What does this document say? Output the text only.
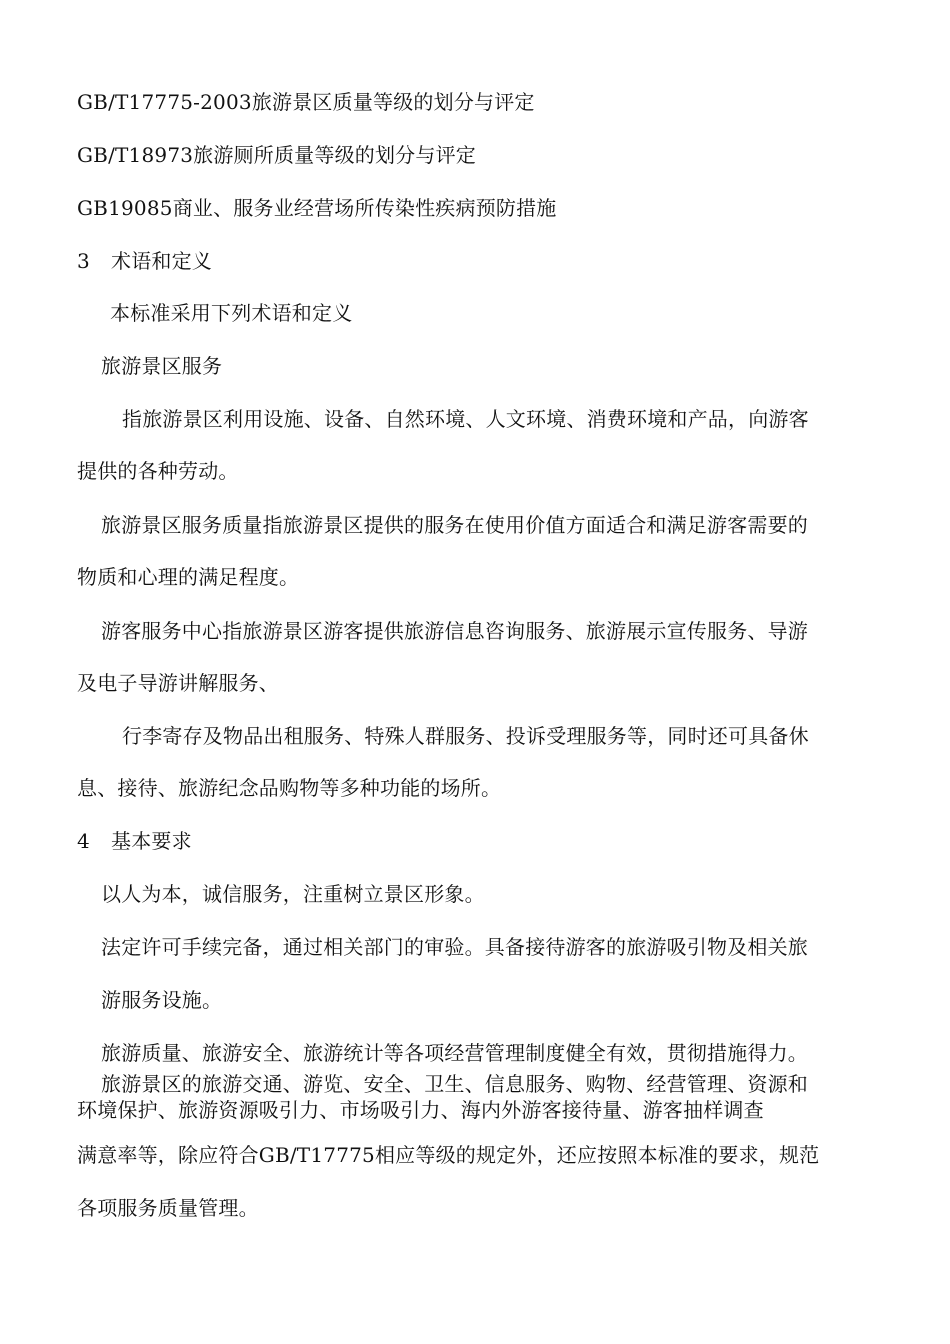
GB/T17775-2003旅游景区质量等级的划分与评定
GB/T18973旅游厕所质量等级的划分与评定
GB19085商业、服务业经营场所传染性疾病预防措施
3 术语和定义
本标准采用下列术语和定义
旅游景区服务
指旅游景区利用设施、设备、自然环境、人文环境、消费环境和产品，向游客
提供的各种劳动。
旅游景区服务质量指旅游景区提供的服务在使用价值方面适合和满足游客需要的
物质和心理的满足程度。
游客服务中心指旅游景区游客提供旅游信息咨询服务、旅游展示宣传服务、导游
及电子导游讲解服务、
行李寄存及物品出租服务、特殊人群服务、投诉受理服务等，同时还可具备休
息、接待、旅游纪念品购物等多种功能的场所。
4 基本要求
以人为本，诚信服务，注重树立景区形象。
法定许可手续完备，通过相关部门的审验。具备接待游客的旅游吸引物及相关旅
游服务设施。
旅游质量、旅游安全、旅游统计等各项经营管理制度健全有效，贯彻措施得力。
旅游景区的旅游交通、游览、安全、卫生、信息服务、购物、经营管理、资源和
环境保护、旅游资源吸引力、市场吸引力、海内外游客接待量、游客抽样调查
满意率等，除应符合GB/T17775相应等级的规定外，还应按照本标准的要求，规范
各项服务质量管理。
